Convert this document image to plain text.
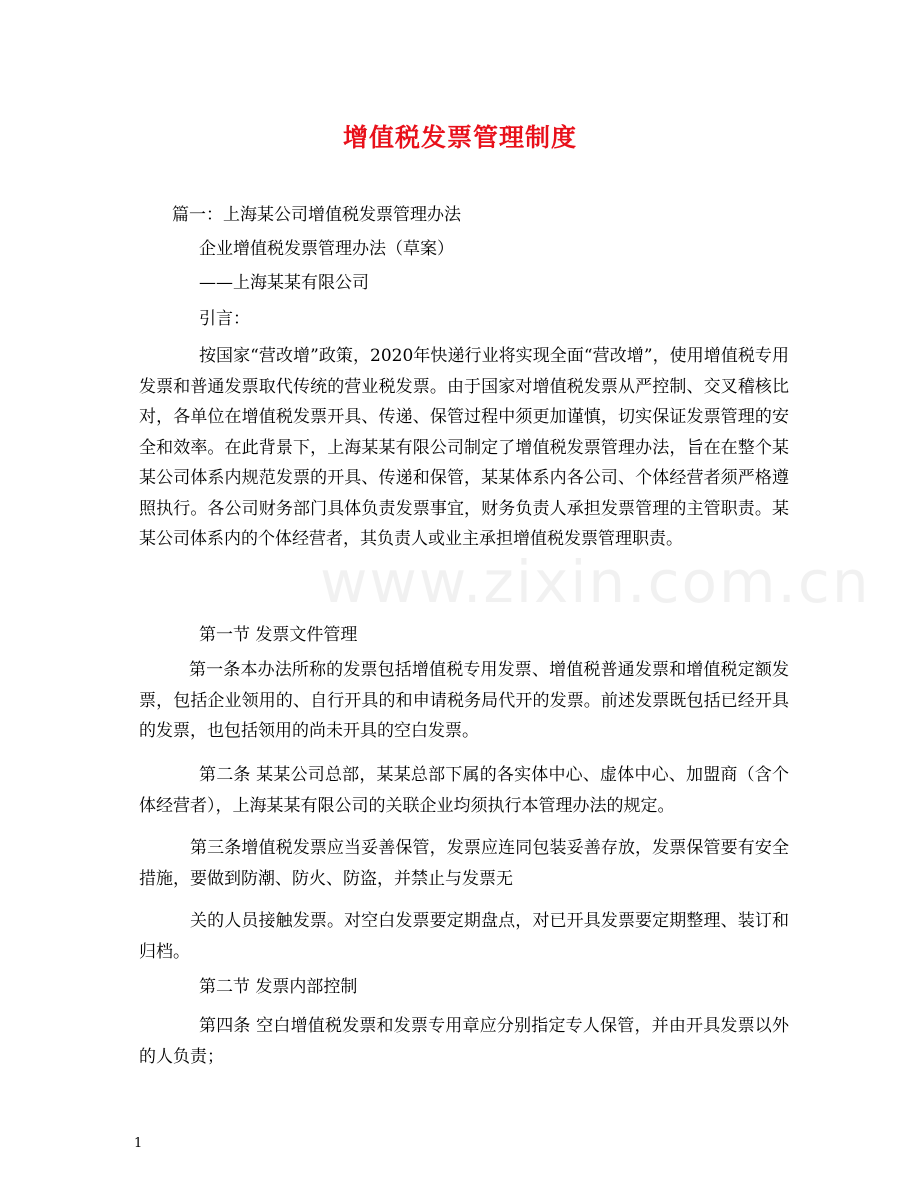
增值税发票管理制度
篇一：上海某公司增值税发票管理办法
企业增值税发票管理办法（草案）
——上海某某有限公司
引言：
按国家“营改增”政策，2020年快递行业将实现全面“营改增”，使用增值税专用发票和普通发票取代传统的营业税发票。由于国家对增值税发票从严控制、交叉稽核比对，各单位在增值税发票开具、传递、保管过程中须更加谨慎，切实保证发票管理的安全和效率。在此背景下，上海某某有限公司制定了增值税发票管理办法，旨在在整个某某公司体系内规范发票的开具、传递和保管，某某体系内各公司、个体经营者须严格遵照执行。各公司财务部门具体负责发票事宜，财务负责人承担发票管理的主管职责。某某公司体系内的个体经营者，其负责人或业主承担增值税发票管理职责。
第一节 发票文件管理
第一条本办法所称的发票包括增值税专用发票、增值税普通发票和增值税定额发票，包括企业领用的、自行开具的和申请税务局代开的发票。前述发票既包括已经开具的发票，也包括领用的尚未开具的空白发票。
第二条 某某公司总部，某某总部下属的各实体中心、虚体中心、加盟商（含个体经营者），上海某某有限公司的关联企业均须执行本管理办法的规定。
第三条增值税发票应当妥善保管，发票应连同包装妥善存放，发票保管要有安全措施，要做到防潮、防火、防盗，并禁止与发票无
关的人员接触发票。对空白发票要定期盘点，对已开具发票要定期整理、装订和归档。
第二节 发票内部控制
第四条 空白增值税发票和发票专用章应分别指定专人保管，并由开具发票以外的人负责；
www.zixin.com.cn
1
